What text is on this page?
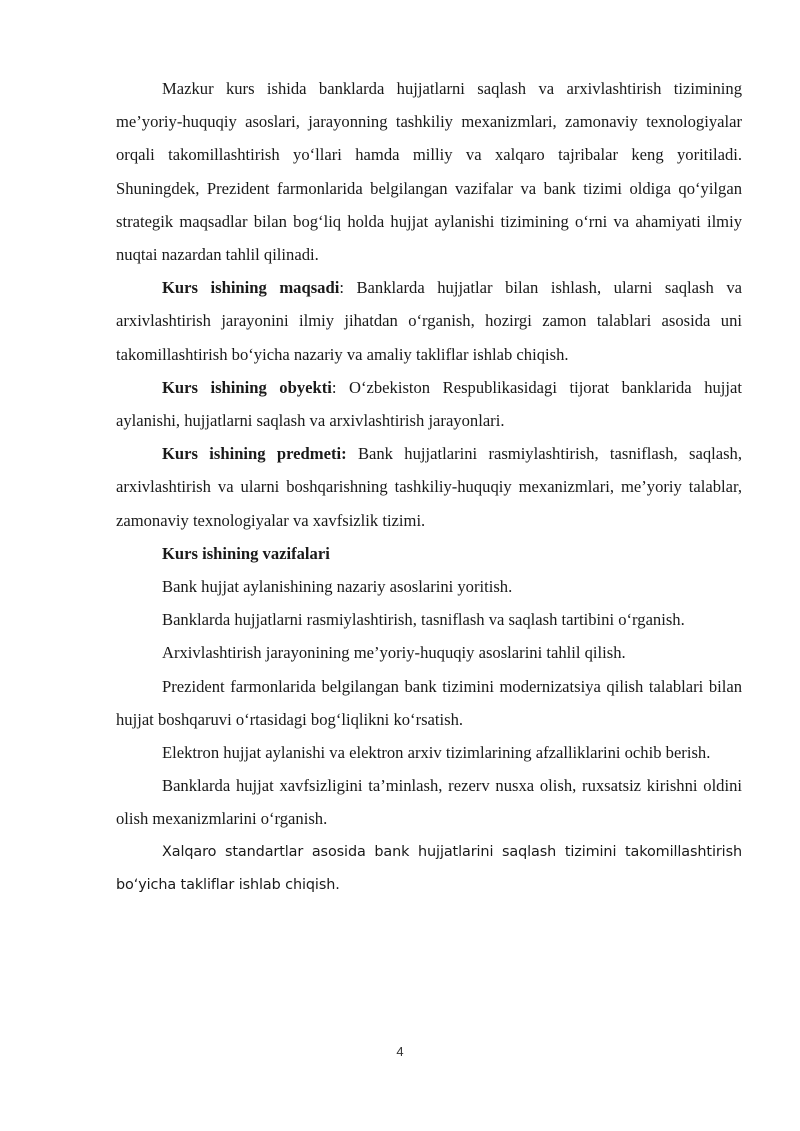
Mazkur kurs ishida banklarda hujjatlarni saqlash va arxivlashtirish tizimining me’yoriy-huquqiy asoslari, jarayonning tashkiliy mexanizmlari, zamonaviy texnologiyalar orqali takomillashtirish yo‘llari hamda milliy va xalqaro tajribalar keng yoritiladi. Shuningdek, Prezident farmonlarida belgilangan vazifalar va bank tizimi oldiga qo‘yilgan strategik maqsadlar bilan bog‘liq holda hujjat aylanishi tizimining o‘rni va ahamiyati ilmiy nuqtai nazardan tahlil qilinadi.

Kurs ishining maqsadi: Banklarda hujjatlar bilan ishlash, ularni saqlash va arxivlashtirish jarayonini ilmiy jihatdan o‘rganish, hozirgi zamon talablari asosida uni takomillashtirish bo‘yicha nazariy va amaliy takliflar ishlab chiqish.

Kurs ishining obyekti: O‘zbekiston Respublikasidagi tijorat banklarida hujjat aylanishi, hujjatlarni saqlash va arxivlashtirish jarayonlari.

Kurs ishining predmeti: Bank hujjatlarini rasmiylashtirish, tasniflash, saqlash, arxivlashtirish va ularni boshqarishning tashkiliy-huquqiy mexanizmlari, me’yoriy talablar, zamonaviy texnologiyalar va xavfsizlik tizimi.

Kurs ishining vazifalari

Bank hujjat aylanishining nazariy asoslarini yoritish.

Banklarda hujjatlarni rasmiylashtirish, tasniflash va saqlash tartibini o‘rganish.

Arxivlashtirish jarayonining me’yoriy-huquqiy asoslarini tahlil qilish.

Prezident farmonlarida belgilangan bank tizimini modernizatsiya qilish talablari bilan hujjat boshqaruvi o‘rtasidagi bog‘liqlikni ko‘rsatish.

Elektron hujjat aylanishi va elektron arxiv tizimlarining afzalliklarini ochib berish.

Banklarda hujjat xavfsizligini ta’minlash, rezerv nusxa olish, ruxsatsiz kirishni oldini olish mexanizmlarini o‘rganish.

Xalqaro standartlar asosida bank hujjatlarini saqlash tizimini takomillashtirish bo‘yicha takliflar ishlab chiqish.

4
